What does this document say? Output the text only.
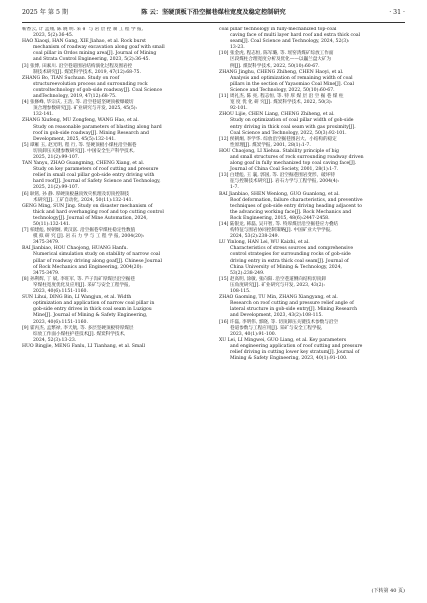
2025 年 第 5 期	陈 云：坚硬顶板下沿空掘巷煤柱宽度及稳定控制研究	· 31 ·

靳香云, 计 孟翔, 陈 晓 明. 采 矿 与 岩 层 控 制 工 程 学 报,
2023, 5(2):36-45.

HAO Xiaoqi, HAN Gang, XIE Jiahao, et al. Rock burst
mechanism of roadway excavation along goaf with small
coal pillar in Ordos mining area[J]. Journal of Mining
and Strata Control Engineering, 2023, 5(2):36-45.

[3] 张博, 田素川. 沿空巷道围岩结构演化过程及围岩控
制技术研究[J]. 煤炭科学技术, 2019, 47(12):68-75.

ZHANG Bo, TIAN Suchuan. Study on roof
structureevolution process and surrounding rock
controltechnology of gob-side roadway[J]. Coal Science
andTechnology, 2019, 47(12):68-75.

[4] 张修峰, 毕宗庆, 王浩, 等. 沿空巷道坚硬顶板爆破切
顶合理参数研究[J]. 矿业研究与开发, 2025, 45(5):
132-141.

ZHANG Xiufeng, MU Zongfeng, WANG Hao, et al.
Study on reasonable parameters of blasting along hard
roof in gob-side roadway[J]. Mining Research and
Development, 2025, 45(5):132-141.

[5] 谭雁 玉, 赵光明, 程 行, 等. 坚硬顶板小煤柱沿空掘巷
切顶卸压关键参数研究[J]. 中国安全生产科学技术,
2025, 21(2):99-107.

TAN Yanyu, ZHAO Guangming, CHENG Xiang, et al.
Study on key parameters of roof cutting and pressure
relief in small coal pillar gob-side entry driving with
hard roof[J]. Journal of Safety Science and Technology,
2025, 21(2):99-107.

[6] 耿铭, 孙 静. 厚硬顶板悬顶致灾机理及切顶控制技
术研究[J]. 工矿自动化, 2024, 50(11):132-141.

GENG Ming, SUN Jing. Study on disaster mechanism of
thick and hard overhanging roof and top cutting control
technology[J]. Journal of Mine Automation, 2024,
50(11):132-141.

[7] 柏建彪, 侯朝炯, 黄汉富. 沿空掘巷窄煤柱稳定性数值
模 拟 研 究 [J]. 岩 石 力 学 与 工 程 学 报, 2004(20):
3475-3479.

BAI Jianbiao, HOU Chaojong, HUANG Hanfu.
Numerical simulation study on stability of narrow coal
pillar of roadway driving along goaf[J]. Chinese Journal
of Rock Mechanics and Engineering, 2004(20):
3475-3479.

[8] 孙利辉, 丁 斌, 李旺军, 等. 芦子沟矿厚煤层沿空掘巷
窄煤柱宽度优化及应用[J]. 采矿与安全工程学报,
2023, 40(6):1151-1160.

SUN Lihui, DING Bin, LI Wangjun, et al. Width
optimization and application of narrow coal pillar in
gob-side entry drives in thick coal seam in Luzigou
Mine[J]. Journal of Mining & Safety Engineering,
2023, 40(6):1151-1160.

[9] 霍丙杰, 孟繁禄, 李天航, 等. 多层坚硬顶板特厚煤层
综放工作面小煤柱护巷技术[J]. 煤炭科学技术,
2024, 52(3):13-23.

HUO Bingjie, MENG Fanlu, LI Tianhang, et al. Small

coal pillar technology in fully-mechanized top-coal
caving face of multi layer hard roof and extra thick coal
seam[J]. Coal Science and Technology, 2024, 52(3):
13-23.

[10] 张金虎, 程志恒, 陈军璐, 等. 瑶窑湾煤矿综放工作面
区段煤柱合理宽度分析及优化——以巍兰盘大矿为
例[J]. 煤炭科学技术, 2022, 50(10):60-67.

ZHANG Jinghu, CHENG Zhiheng, CHEN Haoyi, et al.
Analysis and optimization of remaining width of coal
pillars in the section of Yayaomiao Coal Mine[J]. Coal
Science and Technology, 2022, 50(10):60-67.

[11] 周礼杰, 陈 亮, 程志恒, 等. 特 厚 煤 层 沿 空 掘 巷 煤 柱
宽 度 优 化 研 究[J]. 煤炭科学技术, 2022, 50(3):
92-101.

ZHOU Lijie, CHEN Liang, CHENG Zhiheng, et al.
Study on optimization of coal pillar width of gob-side
entry driving in thick coal seam with gas proximity[J].
Coal Science and Technology, 2022, 50(3):92-101.

[12] 侯朝炯, 李学华. 综放沿空掘巷围岩大、小结构的稳定
性原理[J]. 煤炭学报, 2001, 28(1):1-7.

HOU Chaojong, LI Xiehua. Stability principle of big
and small structures of rock surrounding roadway driven
along goaf in fully mechanized top coal caving face[J].
Journal of China Coal Society, 2001, 28(1):1-7.

[13] 白建彪, 王 襄, 郭国, 等. 沿空掘巷围岩变形、破坏特
征与控制技术研究[J]. 岩石力学与工程学报, 2004(4):
1-7.

BAI Jianbiao, SHEN Wenlong, GUO Guanlong, et al.
Roof deformation, failure characteristics, and preventive
techniques of gob-side entry driving heading adjacent to
the advancing working face[J]. Rock Mechanics and
Rock Engineering, 2015, 48(6):2447-2458.

[14] 陆银龙, 韩磊, 吴开智, 等. 特厚煤层沿空掘巷应力叠结
构特征与围岩协同控制策略[J]. 中国矿业大学学报,
2024, 53(2):238-249.

LU Yinlong, HAN Lei, WU Kaizhi, et al.
Characteristics of stress sources and comprehensive
control strategies for surrounding rocks of gob-side
driving entry in extra thick coal seam[J]. Journal of
China University of Mining & Technology, 2024,
53(2):238-249.

[15] 赵高明, 涂敏, 张向阳. 沿空巷道侧向结构切顶卸
压角度研究[J]. 矿业研究与开发, 2023, 43(2):
108-115.

ZHAO Gaoming, TU Min, ZHANG Xiangyang, et al.
Research on roof cutting and pressure relief angle of
lateral structure in gob-side entry[J]. Mining Research
and Development, 2023, 43(2):108-115.

[16] 许磊, 李明伟, 郭晓, 等. 切顶卸压关键技术参数与沿空
巷道参数与工程应用[J]. 采矿与安全工程学报,
2023, 40(1):91-100.

XU Lei, LI Mingwei, GUO Liang, et al. Key parameters
and engineering application of roof cutting and pressure
relief driving in cutting lower key stratum[J]. Journal of
Mining & Safety Engineering, 2023, 40(1):91-100.

(下转第 40 页)
